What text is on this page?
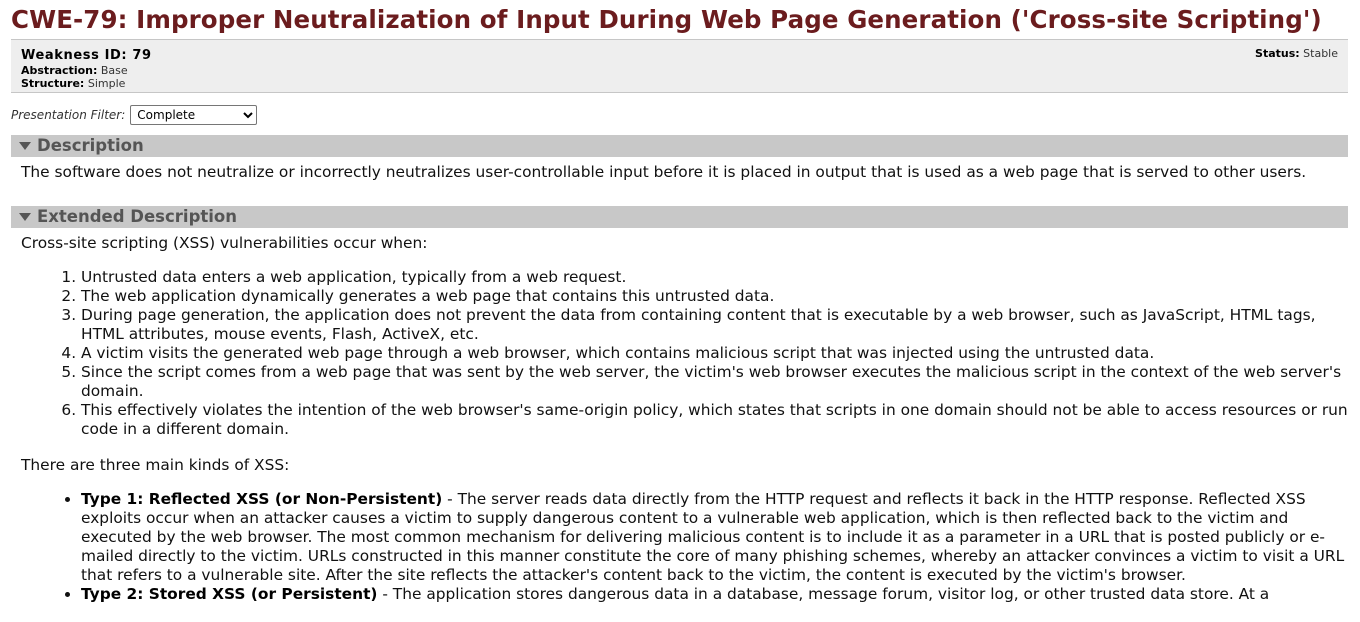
CWE-79: Improper Neutralization of Input During Web Page Generation ('Cross-site Scripting')
Weakness ID: 79
Abstraction: Base
Structure: Simple
Status: Stable
Presentation Filter:
Complete
Description
The software does not neutralize or incorrectly neutralizes user-controllable input before it is placed in output that is used as a web page that is served to other users.
Extended Description
Cross-site scripting (XSS) vulnerabilities occur when:
1. Untrusted data enters a web application, typically from a web request.
2. The web application dynamically generates a web page that contains this untrusted data.
3. During page generation, the application does not prevent the data from containing content that is executable by a web browser, such as JavaScript, HTML tags, HTML attributes, mouse events, Flash, ActiveX, etc.
4. A victim visits the generated web page through a web browser, which contains malicious script that was injected using the untrusted data.
5. Since the script comes from a web page that was sent by the web server, the victim's web browser executes the malicious script in the context of the web server's domain.
6. This effectively violates the intention of the web browser's same-origin policy, which states that scripts in one domain should not be able to access resources or run code in a different domain.
There are three main kinds of XSS:
• Type 1: Reflected XSS (or Non-Persistent) - The server reads data directly from the HTTP request and reflects it back in the HTTP response. Reflected XSS exploits occur when an attacker causes a victim to supply dangerous content to a vulnerable web application, which is then reflected back to the victim and executed by the web browser. The most common mechanism for delivering malicious content is to include it as a parameter in a URL that is posted publicly or e-mailed directly to the victim. URLs constructed in this manner constitute the core of many phishing schemes, whereby an attacker convinces a victim to visit a URL that refers to a vulnerable site. After the site reflects the attacker's content back to the victim, the content is executed by the victim's browser.
• Type 2: Stored XSS (or Persistent) - The application stores dangerous data in a database, message forum, visitor log, or other trusted data store. At a
